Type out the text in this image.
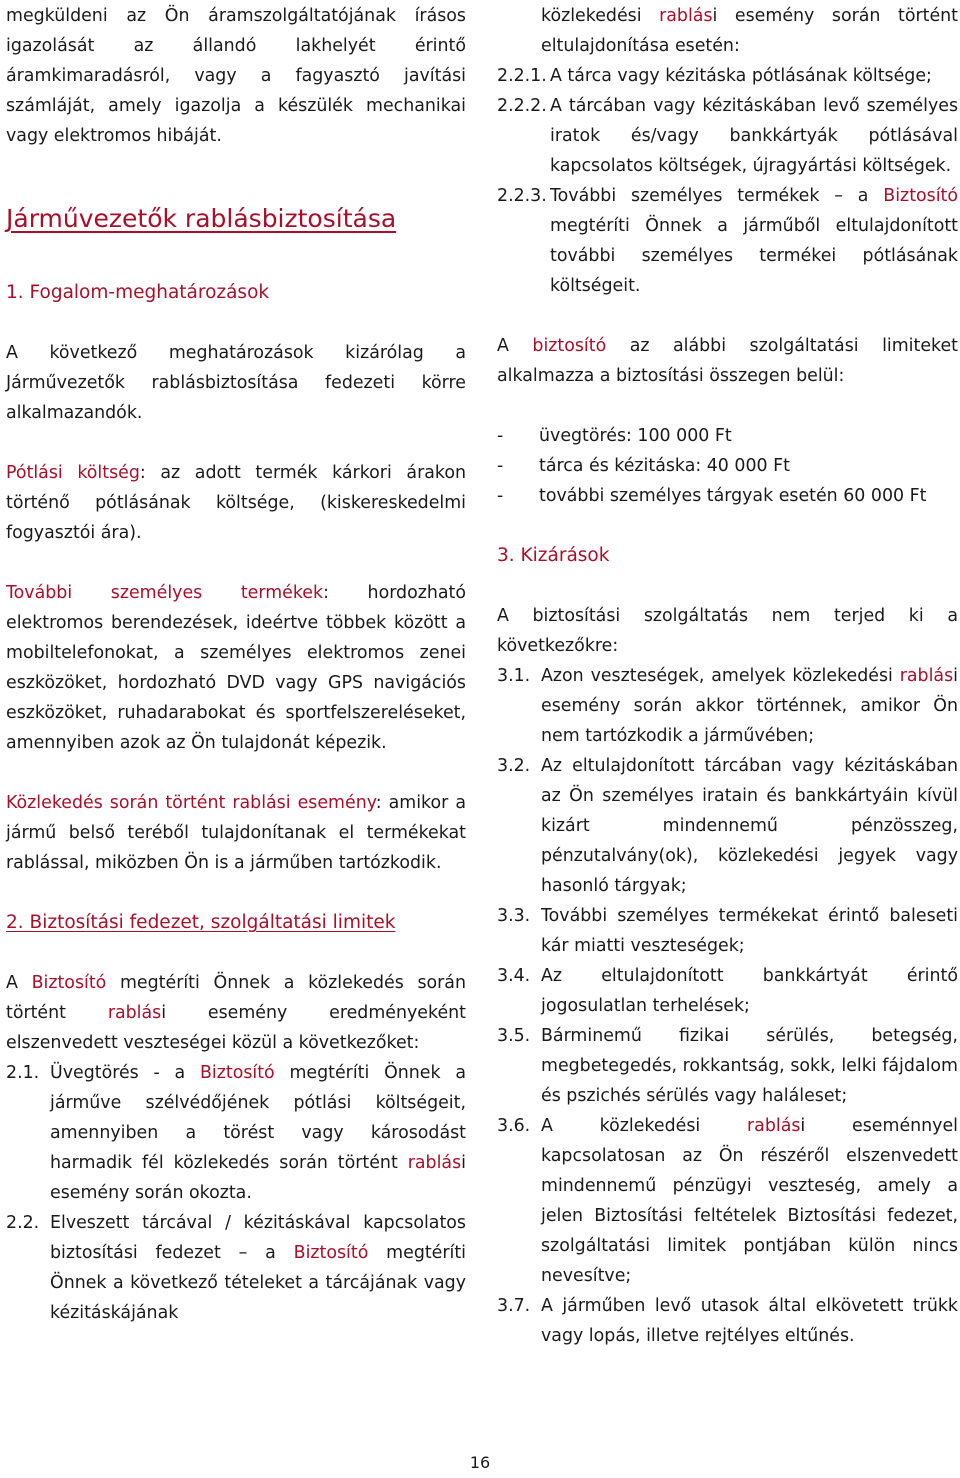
megküldeni az Ön áramszolgáltatójának írásos igazolását az állandó lakhelyét érintő áramkimaradásról, vagy a fagyasztó javítási számláját, amely igazolja a készülék mechanikai vagy elektromos hibáját.

Járművezetők rablásbiztosítása

1. Fogalom-meghatározások

A következő meghatározások kizárólag a Járművezetők rablásbiztosítása fedezeti körre alkalmazandók.

Pótlási költség: az adott termék kárkori árakon történő pótlásának költsége, (kiskereskedelmi fogyasztói ára).

További személyes termékek: hordozható elektromos berendezések, ideértve többek között a mobiltelefonokat, a személyes elektromos zenei eszközöket, hordozható DVD vagy GPS navigációs eszközöket, ruhadarabokat és sportfelszereléseket, amennyiben azok az Ön tulajdonát képezik.

Közlekedés során történt rablási esemény: amikor a jármű belső teréből tulajdonítanak el termékekat rablással, miközben Ön is a járműben tartózkodik.

2. Biztosítási fedezet, szolgáltatási limitek

A Biztosító megtéríti Önnek a közlekedés során történt rablási esemény eredményeként elszenvedett veszteségei közül a következőket:

2.1. Üvegtörés - a Biztosító megtéríti Önnek a járműve szélvédőjének pótlási költségeit, amennyiben a törést vagy károsodást harmadik fél közlekedés során történt rablási esemény során okozta.
2.2. Elveszett tárcával / kézitáskával kapcsolatos biztosítási fedezet – a Biztosító megtéríti Önnek a következő tételeket a tárcájának vagy kézitáskájának
közlekedési rablási esemény során történt eltulajdonítása esetén:
2.2.1. A tárca vagy kézitáska pótlásának költsége;
2.2.2. A tárcában vagy kézitáskában levő személyes iratok és/vagy bankkártyák pótlásával kapcsolatos költségek, újragyártási költségek.
2.2.3. További személyes termékek – a Biztosító megtéríti Önnek a járműből eltulajdonított további személyes termékei pótlásának költségeit.

A biztosító az alábbi szolgáltatási limiteket alkalmazza a biztosítási összegen belül:

-	üvegtörés: 100 000 Ft
-	tárca és kézitáska: 40 000 Ft
-	további személyes tárgyak esetén 60 000 Ft

3. Kizárások

A biztosítási szolgáltatás nem terjed ki a következőkre:

3.1. Azon veszteségek, amelyek közlekedési rablási esemény során akkor történnek, amikor Ön nem tartózkodik a járművében;
3.2. Az eltulajdonított tárcában vagy kézitáskában az Ön személyes iratain és bankkártyáin kívül kizárt mindennemű pénzösszeg, pénzutalvány(ok), közlekedési jegyek vagy hasonló tárgyak;
3.3. További személyes termékekat érintő baleseti kár miatti veszteségek;
3.4. Az eltulajdonított bankkártyát érintő jogosulatlan terhelések;
3.5. Bárminemű fizikai sérülés, betegség, megbetegedés, rokkantság, sokk, lelki fájdalom és pszichés sérülés vagy haláleset;
3.6. A közlekedési rablási eseménnyel kapcsolatosan az Ön részéről elszenvedett mindennemű pénzügyi veszteség, amely a jelen Biztosítási feltételek Biztosítási fedezet, szolgáltatási limitek pontjában külön nincs nevesítve;
3.7. A járműben levő utasok által elkövetett trükk vagy lopás, illetve rejtélyes eltűnés.
16
